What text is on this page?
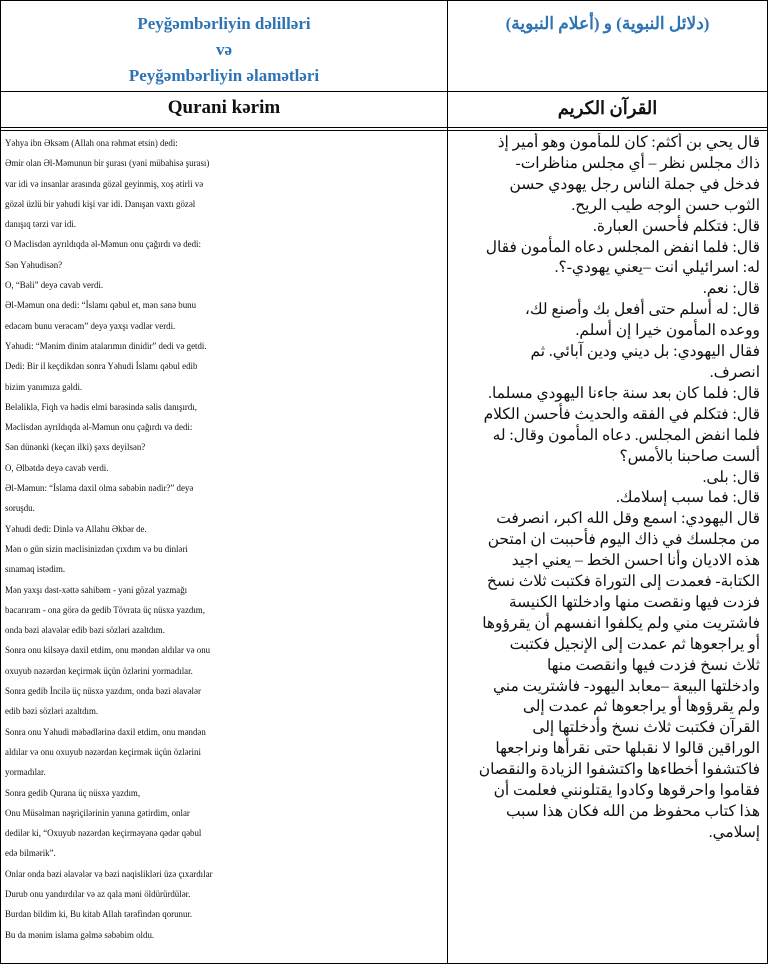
Peyğəmbərliyin dəlilləri
və
Peyğəmbərliyin əlamətləri
(دلائل النبوية) و (أعلام النبوية)
Qurani kərim	القرآن الكريم
Yəhya ibn Əksəm (Allah ona rəhmət etsin) dedi:
Əmir olan Əl-Məmunun bir şurası (yəni mübahisə şurası)
var idi və insanlar arasında gözəl geyinmiş, xoş ətirli və
gözəl üzlü bir yəhudi kişi var idi. Danışan vaxtı gözəl
danışıq tərzi var idi.
O Məclisdən ayrıldıqda əl-Məmun onu çağırdı və dedi:
Sən Yəhudisən?
O, “Bəli” deyə cavab verdi.
Əl-Məmun ona dedi: “İslamı qəbul et, mən sənə bunu
edəcəm bunu verəcəm” deyə yaxşı vədlər verdi.
Yəhudi: “Mənim dinim atalarımın dinidir” dedi və getdi.
Dedi: Bir il keçdikdən sonra Yəhudi İslamı qəbul edib
bizim yanımıza gəldi.
Beləliklə, Fiqh və hədis elmi barəsində səlis danışırdı,
Məclisdən ayrıldıqda əl-Məmun onu çağırdı və dedi:
Sən dünənki (keçən ilki) şəxs deyilsən?
O, Əlbətdə deyə cavab verdi.
Əl-Məmun: “İslama daxil olma səbəbin nədir?” deyə
soruşdu.
Yəhudi dedi: Dinlə və Allahu Əkbər de.
Mən o gün sizin məclisinizdən çıxdım və bu dinləri
sınamaq istədim.
Mən yaxşı dəst-xəttə sahibəm - yəni gözəl yazmağı
bacarıram - ona görə də gedib Tövrata üç nüsxə yazdım,
onda bəzi əlavələr edib bəzi sözləri azaltdım.
Sonra onu kilsəyə daxil etdim, onu məndən aldılar və onu
oxuyub nəzərdən keçirmək üçün özlərini yormadılar.
Sonra gedib İncilə üç nüsxə yazdım, onda bəzi əlavələr
edib bəzi sözləri azaltdım.
Sonra onu Yəhudi məbədlərinə daxil etdim, onu məndən
aldılar və onu oxuyub nəzərdən keçirmək üçün özlərini
yormadılar.
Sonra gedib Qurana üç nüsxə yazdım,
Onu Müsəlman nəşriçilərinin yanına gətirdim, onlar
dedilər ki, “Oxuyub nəzərdən keçirməyənə qədər qəbul
edə bilmərik”.
Onlar onda bəzi əlavələr və bəzi naqislikləri üzə çıxardılar
Durub onu yandırdılar və az qala məni öldürürdülər.
Burdan bildim ki, Bu kitab Allah tərəfindən qorunur.
Bu da mənim islama gəlmə səbəbim oldu.
قال يحي بن أكثم: كان للمأمون وهو أمير إذ
ذاك مجلس نظر – أي مجلس مناظرات-
فدخل في جملة الناس رجل يهودي حسن
الثوب حسن الوجه طيب الريح.
قال: فتكلم فأحسن العبارة.
قال: فلما انفض المجلس دعاه المأمون فقال
له: اسرائيلي انت –يعني يهودي-؟.
قال: نعم.
قال: له أسلم حتى أفعل بك وأصنع لك،
ووعده المأمون خيرا إن أسلم.
فقال اليهودي: بل ديني ودين آبائي. ثم
انصرف.
قال: فلما كان بعد سنة جاءنا اليهودي مسلما.
قال: فتكلم في الفقه والحديث فأحسن الكلام
فلما انفض المجلس. دعاه المأمون وقال: له
ألست صاحبنا بالأمس؟
قال: بلى.
قال: فما سبب إسلامك.
قال اليهودي: اسمع وقل الله اكبر، انصرفت
من مجلسك في ذاك اليوم فأحببت ان امتحن
هذه الاديان وأنا احسن الخط – يعني اجيد
الكتابة- فعمدت إلى التوراة فكتبت ثلاث نسخ
فزدت فيها ونقصت منها وادخلتها الكنيسة
فاشتريت مني ولم يكلفوا انفسهم أن يقرؤوها
أو يراجعوها ثم عمدت إلى الإنجيل فكتبت
ثلاث نسخ فزدت فيها وانقصت منها
وادخلتها البيعة –معابد اليهود- فاشتريت مني
ولم يقرؤوها أو يراجعوها ثم عمدت إلى
القرآن فكتبت ثلاث نسخ وأدخلتها إلى
الوراقين قالوا لا نقبلها حتى نقرأها ونراجعها
فاكتشفوا أخطاءها واكتشفوا الزيادة والنقصان
فقاموا واحرقوها وكادوا يقتلونني فعلمت أن
هذا كتاب محفوظ من الله فكان هذا سبب
إسلامي.
